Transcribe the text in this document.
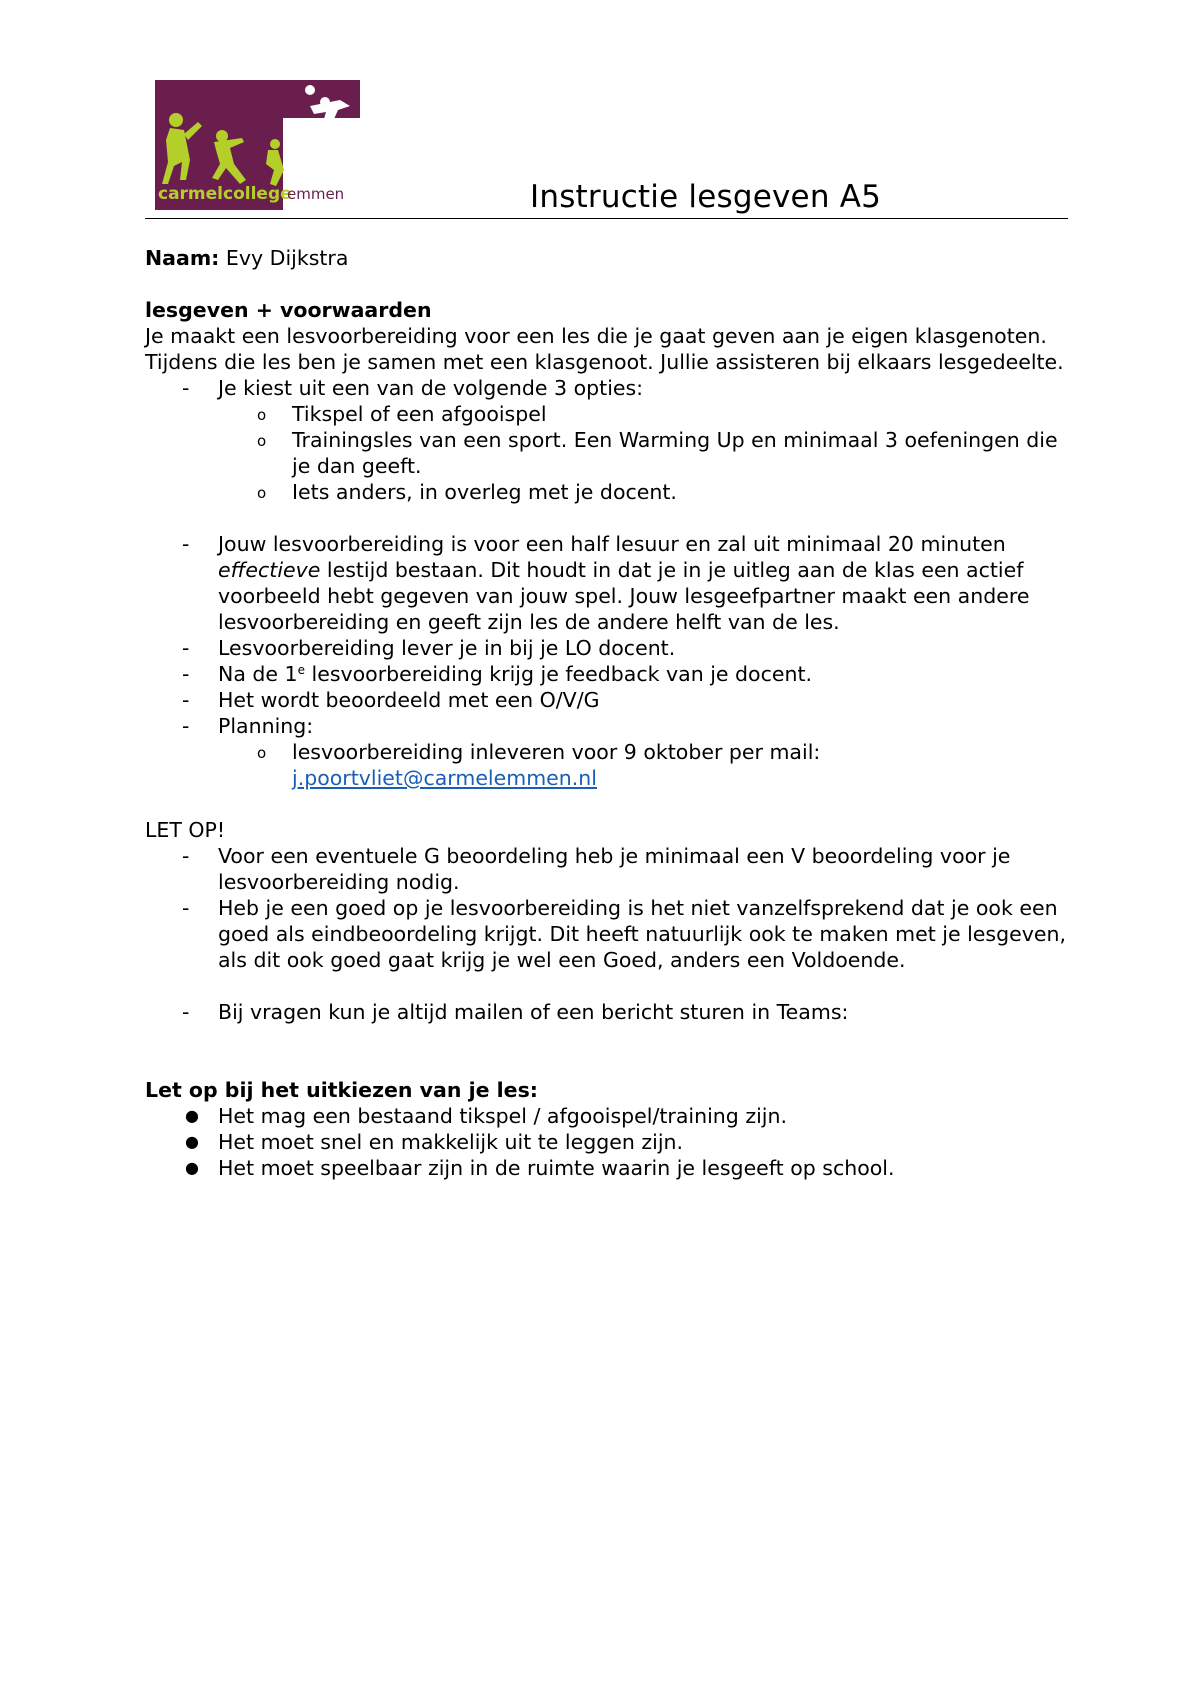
carmelcollege
emmen	Instructie lesgeven A5

Naam: Evy Dijkstra

lesgeven + voorwaarden

Je maakt een lesvoorbereiding voor een les die je gaat geven aan je eigen klasgenoten.

Tijdens die les ben je samen met een klasgenoot. Jullie assisteren bij elkaars lesgedeelte.

-	Je kiest uit een van de volgende 3 opties:

o	Tikspel of een afgooispel

o	Trainingsles van een sport. Een Warming Up en minimaal 3 oefeningen die je dan geeft.

o	Iets anders, in overleg met je docent.

-	Jouw lesvoorbereiding is voor een half lesuur en zal uit minimaal 20 minuten effectieve lestijd bestaan. Dit houdt in dat je in je uitleg aan de klas een actief voorbeeld hebt gegeven van jouw spel. Jouw lesgeefpartner maakt een andere lesvoorbereiding en geeft zijn les de andere helft van de les.

-	Lesvoorbereiding lever je in bij je LO docent.

-	Na de 1e lesvoorbereiding krijg je feedback van je docent.

-	Het wordt beoordeeld met een O/V/G

-	Planning:

o	lesvoorbereiding inleveren voor 9 oktober per mail:
j.poortvliet@carmelemmen.nl

LET OP!

-	Voor een eventuele G beoordeling heb je minimaal een V beoordeling voor je lesvoorbereiding nodig.

-	Heb je een goed op je lesvoorbereiding is het niet vanzelfsprekend dat je ook een goed als eindbeoordeling krijgt. Dit heeft natuurlijk ook te maken met je lesgeven, als dit ook goed gaat krijg je wel een Goed, anders een Voldoende.

-	Bij vragen kun je altijd mailen of een bericht sturen in Teams:

Let op bij het uitkiezen van je les:

● Het mag een bestaand tikspel / afgooispel/training zijn.

● Het moet snel en makkelijk uit te leggen zijn.

● Het moet speelbaar zijn in de ruimte waarin je lesgeeft op school.
